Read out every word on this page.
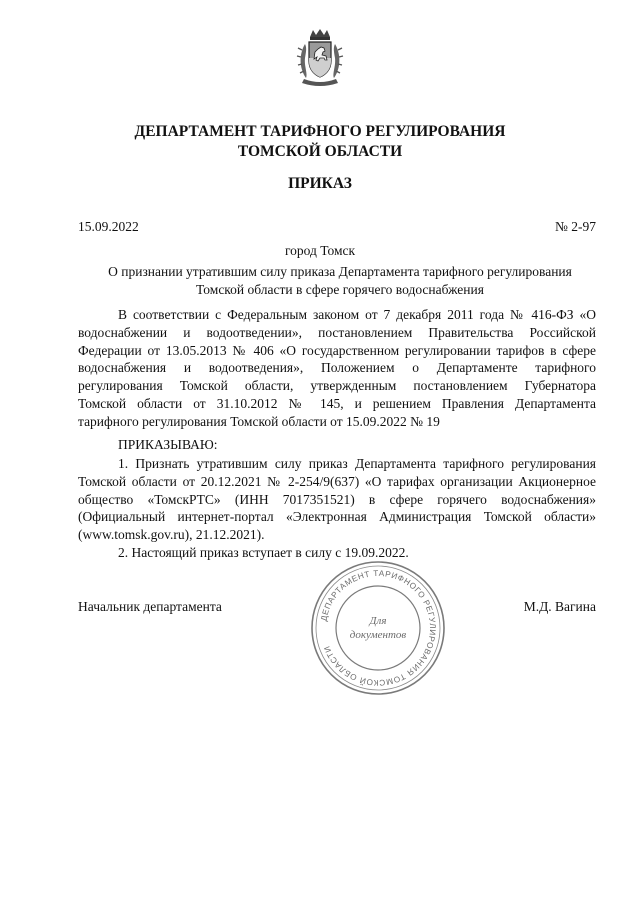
ДЕПАРТАМЕНТ ТАРИФНОГО РЕГУЛИРОВАНИЯ
ТОМСКОЙ ОБЛАСТИ
ПРИКАЗ
15.09.2022	№ 2-97
город Томск
О признании утратившим силу приказа Департамента тарифного регулирования
Томской области в сфере горячего водоснабжения
В соответствии с Федеральным законом от 7 декабря 2011 года № 416-ФЗ «О
водоснабжении и водоотведении», постановлением Правительства Российской
Федерации от 13.05.2013 № 406 «О государственном регулировании тарифов в сфере
водоснабжения и водоотведения», Положением о Департаменте тарифного
регулирования Томской области, утвержденным постановлением Губернатора
Томской области от 31.10.2012 № 145, и решением Правления Департамента
тарифного регулирования Томской области от 15.09.2022 № 19
ПРИКАЗЫВАЮ:
1. Признать утратившим силу приказ Департамента тарифного регулирования
Томской области от 20.12.2021 № 2-254/9(637) «О тарифах организации Акционерное
общество «ТомскРТС» (ИНН 7017351521) в сфере горячего водоснабжения»
(Официальный интернет-портал «Электронная Администрация Томской области»
(www.tomsk.gov.ru), 21.12.2021).
2. Настоящий приказ вступает в силу с 19.09.2022.
Начальник департамента	М.Д. Вагина
ДЕПАРТАМЕНТ ТАРИФНОГО РЕГУЛИРОВАНИЯ ТОМСКОЙ ОБЛАСТИ
Для
документов
